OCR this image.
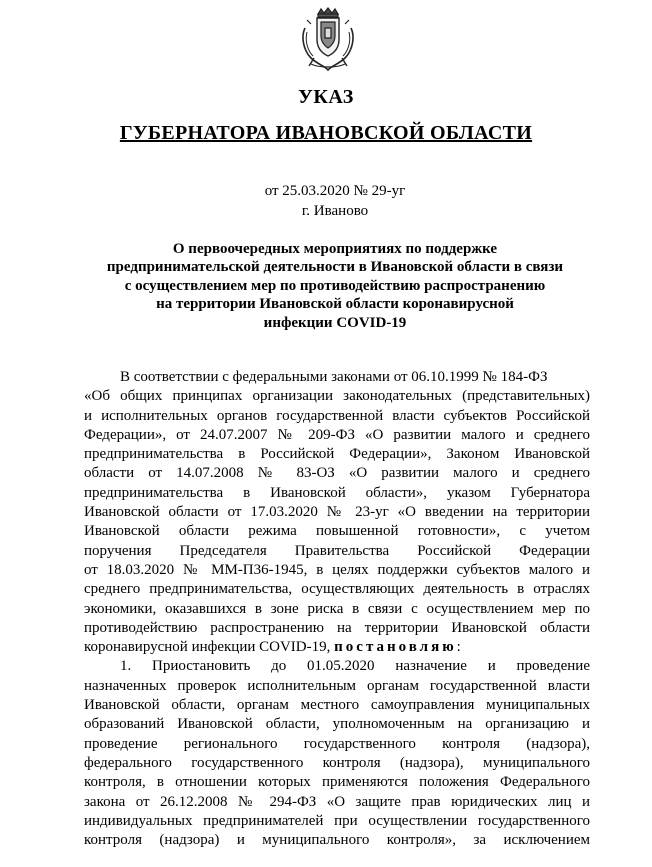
УКАЗ
ГУБЕРНАТОРА ИВАНОВСКОЙ ОБЛАСТИ
от 25.03.2020 № 29-уг
г. Иваново
О первоочередных мероприятиях по поддержке
предпринимательской деятельности в Ивановской области в связи
с осуществлением мер по противодействию распространению
на территории Ивановской области коронавирусной
инфекции COVID-19
В соответствии с федеральными законами от 06.10.1999 № 184-ФЗ
«Об общих принципах организации законодательных (представительных)
и исполнительных органов государственной власти субъектов Российской
Федерации», от 24.07.2007 № 209-ФЗ «О развитии малого и среднего
предпринимательства в Российской Федерации», Законом Ивановской
области от 14.07.2008 № 83-ОЗ «О развитии малого и среднего
предпринимательства в Ивановской области», указом Губернатора
Ивановской области от 17.03.2020 № 23-уг «О введении на территории
Ивановской области режима повышенной готовности», с учетом
поручения Председателя Правительства Российской Федерации
от 18.03.2020 № ММ-П36-1945, в целях поддержки субъектов малого и
среднего предпринимательства, осуществляющих деятельность в отраслях
экономики, оказавшихся в зоне риска в связи с осуществлением мер по
противодействию распространению на территории Ивановской области
коронавирусной инфекции COVID-19, постановляю:
1. Приостановить до 01.05.2020 назначение и проведение
назначенных проверок исполнительным органам государственной власти
Ивановской области, органам местного самоуправления муниципальных
образований Ивановской области, уполномоченным на организацию и
проведение регионального государственного контроля (надзора),
федерального государственного контроля (надзора), муниципального
контроля, в отношении которых применяются положения Федерального
закона от 26.12.2008 № 294-ФЗ «О защите прав юридических лиц и
индивидуальных предпринимателей при осуществлении государственного
контроля (надзора) и муниципального контроля», за исключением
